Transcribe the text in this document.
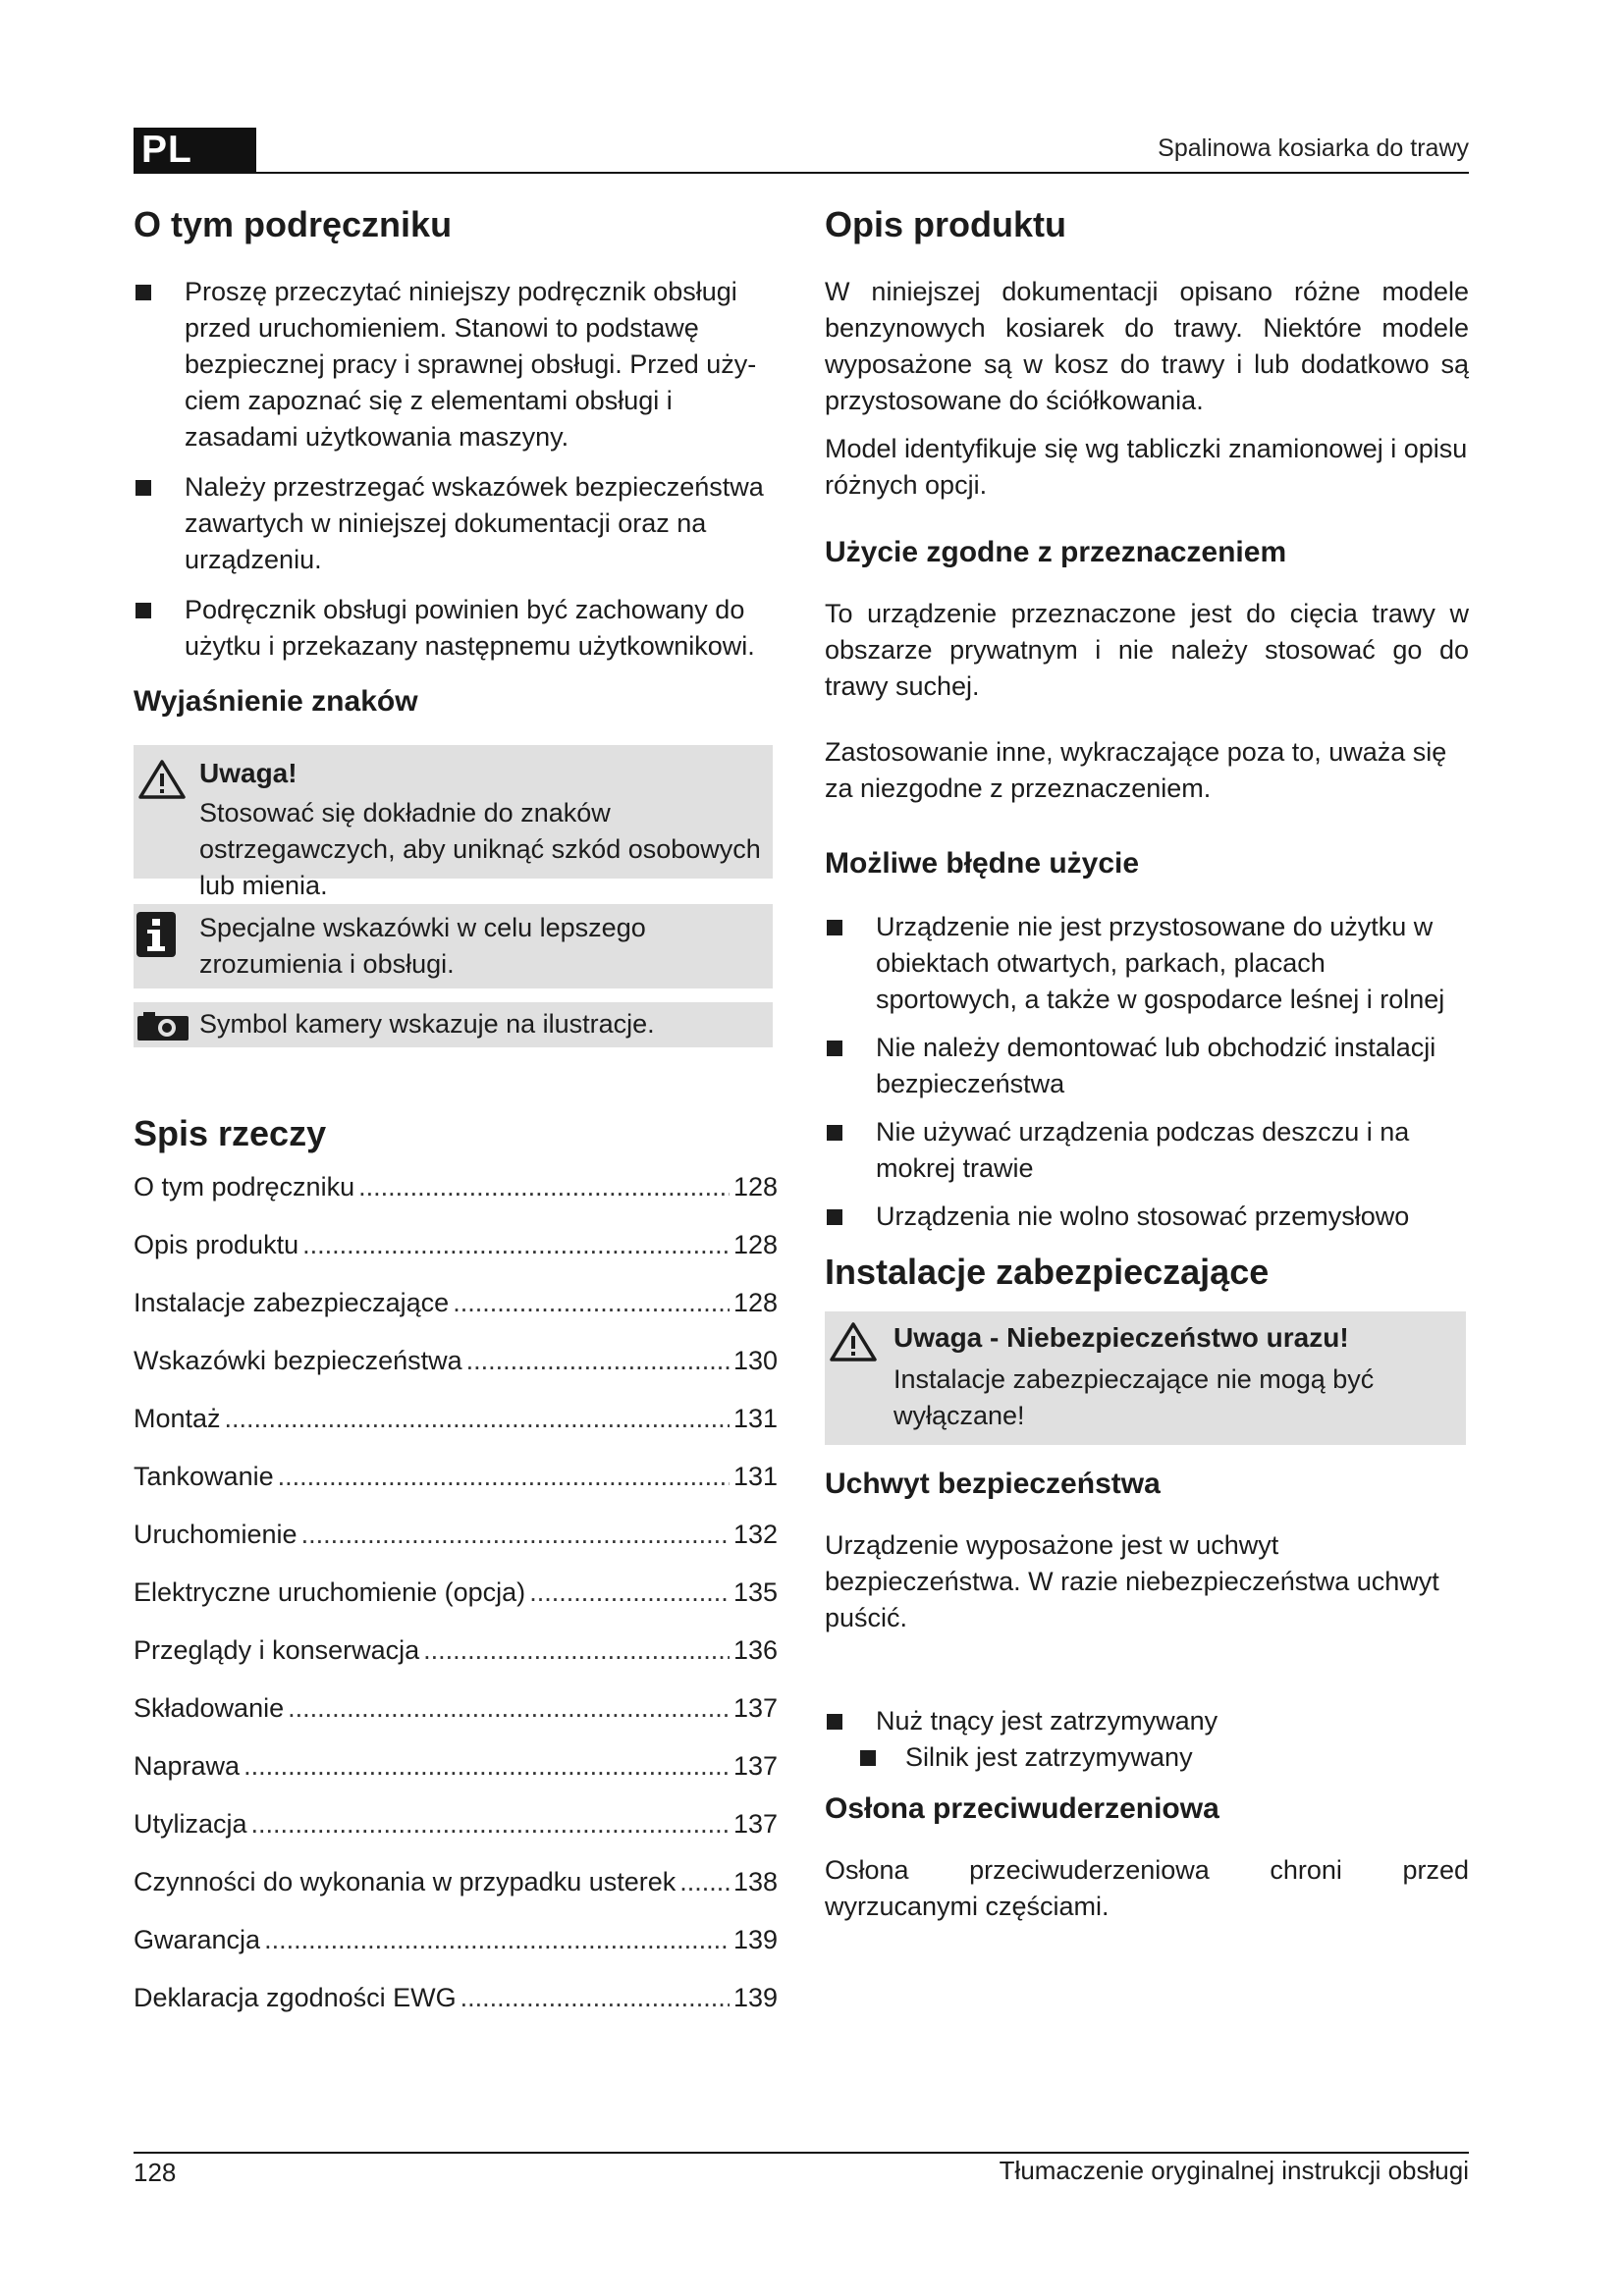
PL	Spalinowa kosiarka do trawy
O tym podręczniku
Proszę przeczytać niniejszy podręcznik obsługi przed uruchomieniem. Stanowi to podstawę bezpiecznej pracy i sprawnej obsługi. Przed uży-ciem zapoznać się z elementami obsługi i zasadami użytkowania maszyny.
Należy przestrzegać wskazówek bezpieczeństwa zawartych w niniejszej dokumentacji oraz na urządzeniu.
Podręcznik obsługi powinien być zachowany do użytku i przekazany następnemu użytkownikowi.
Wyjaśnienie znaków
Uwaga!
Stosować się dokładnie do znaków ostrzegawczych, aby uniknąć szkód osobowych lub mienia.
Specjalne wskazówki w celu lepszego zrozumienia i obsługi.
Symbol kamery wskazuje na ilustracje.
Spis rzeczy
O tym podręczniku .....	128
Opis produktu .....	128
Instalacje zabezpieczające .....	128
Wskazówki bezpieczeństwa .....	130
Montaż .....	131
Tankowanie .....	131
Uruchomienie .....	132
Elektryczne uruchomienie (opcja) .....	135
Przeglądy i konserwacja .....	136
Składowanie .....	137
Naprawa .....	137
Utylizacja .....	137
Czynności do wykonania w przypadku usterek ..... 138
Gwarancja .....	139
Deklaracja zgodności EWG .....	139
Opis produktu

W niniejszej dokumentacji opisano różne modele benzynowych kosiarek do trawy. Niektóre modele wyposażone są w kosz do trawy i lub dodatkowo są przystosowane do ściółkowania.

Model identyfikuje się wg tabliczki znamionowej i opisu różnych opcji.

Użycie zgodne z przeznaczeniem

To urządzenie przeznaczone jest do cięcia trawy w obszarze prywatnym i nie należy stosować go do trawy suchej.

Zastosowanie inne, wykraczające poza to, uważa się za niezgodne z przeznaczeniem.

Możliwe błędne użycie
Urządzenie nie jest przystosowane do użytku w obiektach otwartych, parkach, placach sportowych, a także w gospodarce leśnej i rolnej
Nie należy demontować lub obchodzić instalacji bezpieczeństwa
Nie używać urządzenia podczas deszczu i na mokrej trawie
Urządzenia nie wolno stosować przemysłowo
Instalacje zabezpieczające
Uwaga - Niebezpieczeństwo urazu!
Instalacje zabezpieczające nie mogą być wyłączane!
Uchwyt bezpieczeństwa

Urządzenie wyposażone jest w uchwyt bezpieczeństwa. W razie niebezpieczeństwa uchwyt puścić.

Nuż tnący jest zatrzymywany
Silnik jest zatrzymywany
Osłona przeciwuderzeniowa

Osłona przeciwuderzeniowa chroni przed wyrzucanymi częściami.

128	Tłumaczenie oryginalnej instrukcji obsługi
